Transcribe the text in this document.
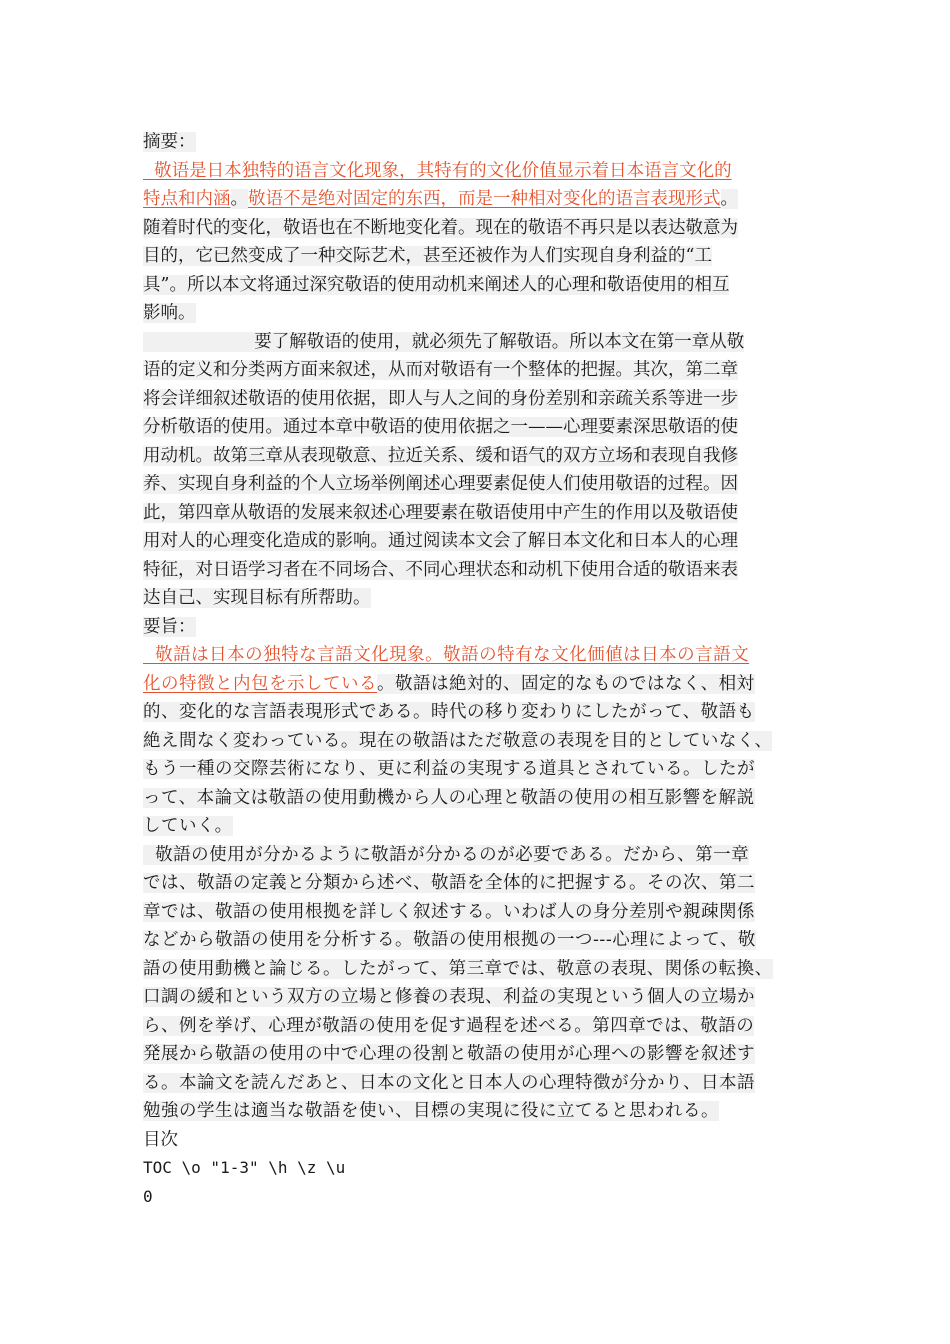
摘要：
敬语是日本独特的语言文化现象，其特有的文化价值显示着日本语言文化的
特点和内涵。敬语不是绝对固定的东西，而是一种相对变化的语言表现形式。
随着时代的变化，敬语也在不断地变化着。现在的敬语不再只是以表达敬意为
目的，它已然变成了一种交际艺术，甚至还被作为人们实现自身利益的“工
具”。所以本文将通过深究敬语的使用动机来阐述人的心理和敬语使用的相互
影响。
要了解敬语的使用，就必须先了解敬语。所以本文在第一章从敬
语的定义和分类两方面来叙述，从而对敬语有一个整体的把握。其次，第二章
将会详细叙述敬语的使用依据，即人与人之间的身份差别和亲疏关系等进一步
分析敬语的使用。通过本章中敬语的使用依据之一——心理要素深思敬语的使
用动机。故第三章从表现敬意、拉近关系、缓和语气的双方立场和表现自我修
养、实现自身利益的个人立场举例阐述心理要素促使人们使用敬语的过程。因
此，第四章从敬语的发展来叙述心理要素在敬语使用中产生的作用以及敬语使
用对人的心理变化造成的影响。通过阅读本文会了解日本文化和日本人的心理
特征，对日语学习者在不同场合、不同心理状态和动机下使用合适的敬语来表
达自己、实现目标有所帮助。
要旨：
敬語は日本の独特な言語文化現象。敬語の特有な文化価値は日本の言語文
化の特徴と内包を示している。敬語は絶対的、固定的なものではなく、相対
的、変化的な言語表現形式である。時代の移り変わりにしたがって、敬語も
絶え間なく変わっている。現在の敬語はただ敬意の表現を目的としていなく、
もう一種の交際芸術になり、更に利益の実現する道具とされている。したが
って、本論文は敬語の使用動機から人の心理と敬語の使用の相互影響を解説
していく。
敬語の使用が分かるように敬語が分かるのが必要である。だから、第一章
では、敬語の定義と分類から述べ、敬語を全体的に把握する。その次、第二
章では、敬語の使用根拠を詳しく叙述する。いわば人の身分差別や親疎関係
などから敬語の使用を分析する。敬語の使用根拠の一つ---心理によって、敬
語の使用動機と論じる。したがって、第三章では、敬意の表現、関係の転換、
口調の緩和という双方の立場と修養の表現、利益の実現という個人の立場か
ら、例を挙げ、心理が敬語の使用を促す過程を述べる。第四章では、敬語の
発展から敬語の使用の中で心理の役割と敬語の使用が心理への影響を叙述す
る。本論文を読んだあと、日本の文化と日本人の心理特徴が分かり、日本語
勉強の学生は適当な敬語を使い、目標の実現に役に立てると思われる。
目次
TOC \o "1-3" \h \z \u
0
